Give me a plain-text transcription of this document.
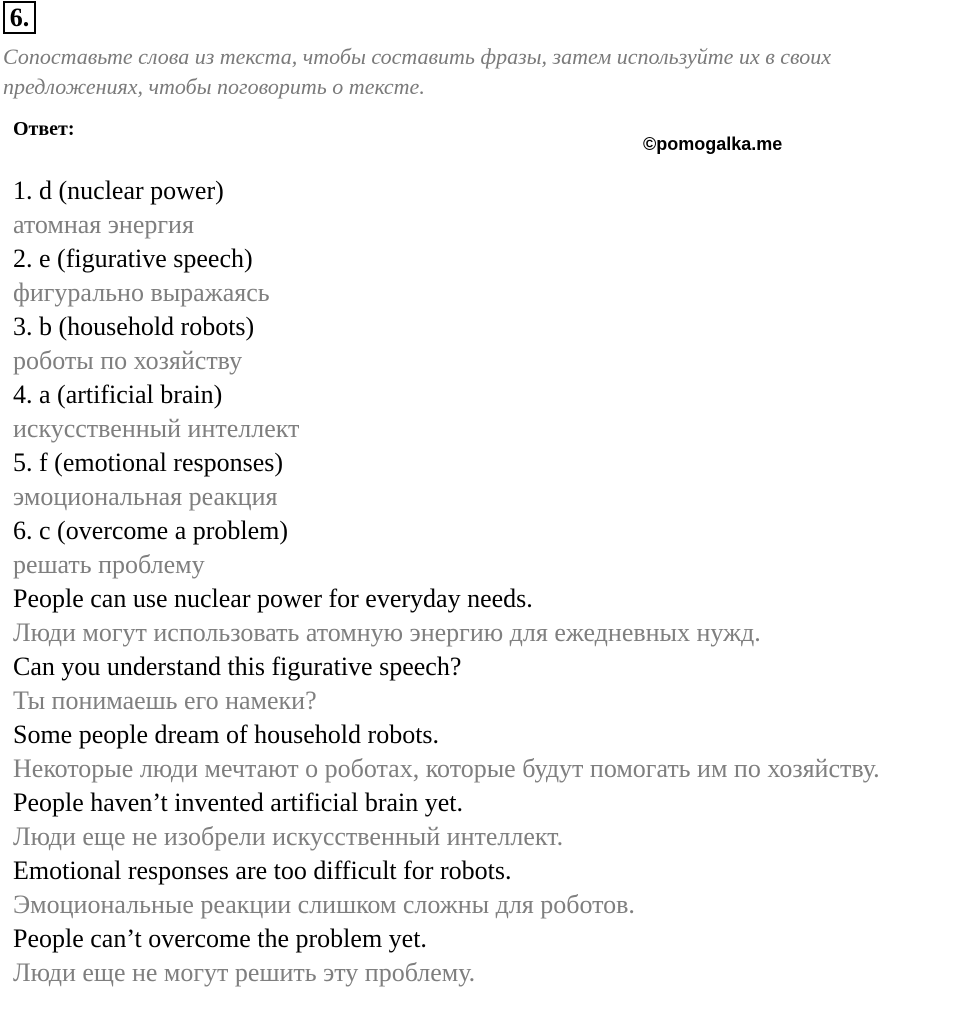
6.
Сопоставьте слова из текста, чтобы составить фразы, затем используйте их в своих предложениях, чтобы поговорить о тексте.
Ответ:
©pomogalka.me

1. d (nuclear power)

атомная энергия

2. e (figurative speech)

фигурально выражаясь

3. b (household robots)

роботы по хозяйству

4. a (artificial brain)

искусственный интеллект

5. f (emotional responses)

эмоциональная реакция

6. c (overcome a problem)

решать проблему

People can use nuclear power for everyday needs.

Люди могут использовать атомную энергию для ежедневных нужд.

Can you understand this figurative speech?

Ты понимаешь его намеки?

Some people dream of household robots.

Некоторые люди мечтают о роботах, которые будут помогать им по хозяйству.

People haven’t invented artificial brain yet.

Люди еще не изобрели искусственный интеллект.

Emotional responses are too difficult for robots.

Эмоциональные реакции слишком сложны для роботов.

People can’t overcome the problem yet.

Люди еще не могут решить эту проблему.
